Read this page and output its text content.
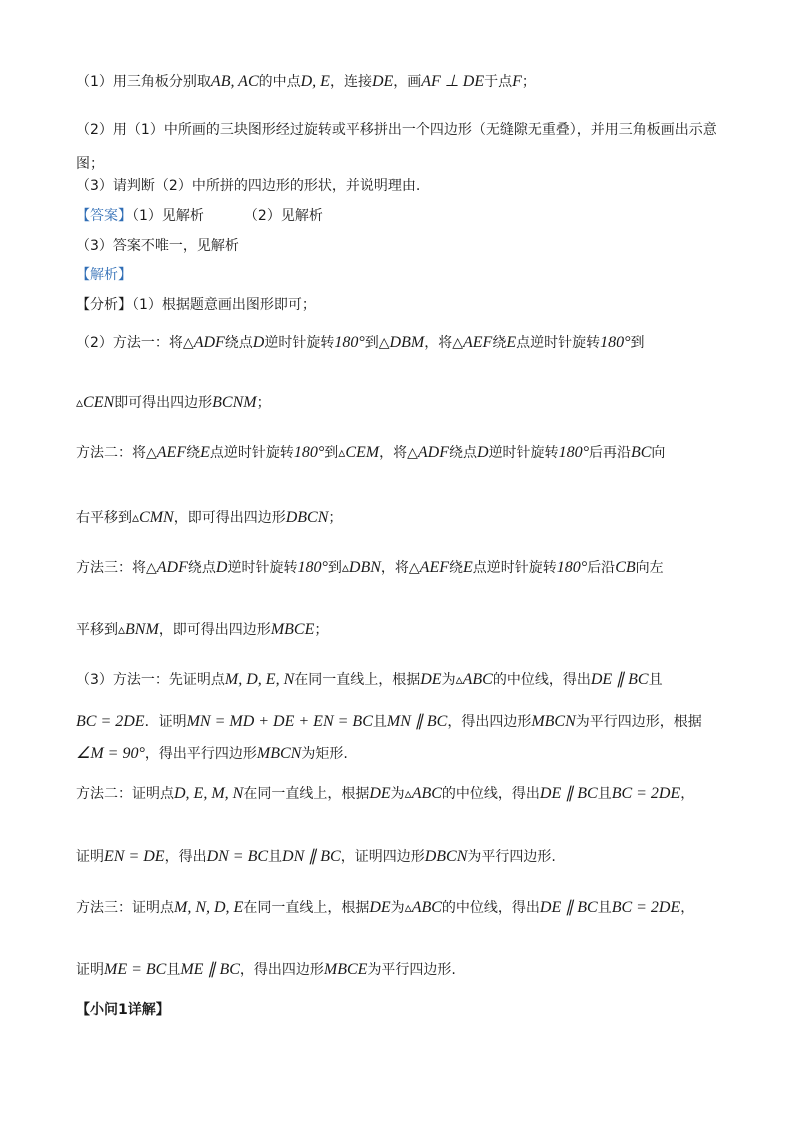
（1）用三角板分别取AB, AC的中点D, E，连接DE，画AF ⊥ DE于点F；
（2）用（1）中所画的三块图形经过旋转或平移拼出一个四边形（无缝隙无重叠），并用三角板画出示意图；
（3）请判断（2）中所拼的四边形的形状，并说明理由.
【答案】（1）见解析	（2）见解析
（3）答案不唯一，见解析
【解析】
【分析】（1）根据题意画出图形即可；
（2）方法一：将△ADF绕点D逆时针旋转180°到△DBM，将△AEF绕E点逆时针旋转180°到
▵CEN即可得出四边形BCNM；
方法二：将△AEF绕E点逆时针旋转180°到▵CEM，将△ADF绕点D逆时针旋转180°后再沿BC向
右平移到▵CMN，即可得出四边形DBCN；
方法三：将△ADF绕点D逆时针旋转180°到▵DBN，将△AEF绕E点逆时针旋转180°后沿CB向左
平移到▵BNM，即可得出四边形MBCE；
（3）方法一：先证明点M, D, E, N在同一直线上，根据DE为▵ABC的中位线，得出DE ∥ BC且
BC = 2DE．证明MN = MD + DE + EN = BC且MN ∥ BC，得出四边形MBCN为平行四边形，根据
∠M = 90°，得出平行四边形MBCN为矩形.
方法二：证明点D, E, M, N在同一直线上，根据DE为▵ABC的中位线，得出DE ∥ BC且BC = 2DE，
证明EN = DE，得出DN = BC且DN ∥ BC，证明四边形DBCN为平行四边形.
方法三：证明点M, N, D, E在同一直线上，根据DE为▵ABC的中位线，得出DE ∥ BC且BC = 2DE，
证明ME = BC且ME ∥ BC，得出四边形MBCE为平行四边形.
【小问1详解】
